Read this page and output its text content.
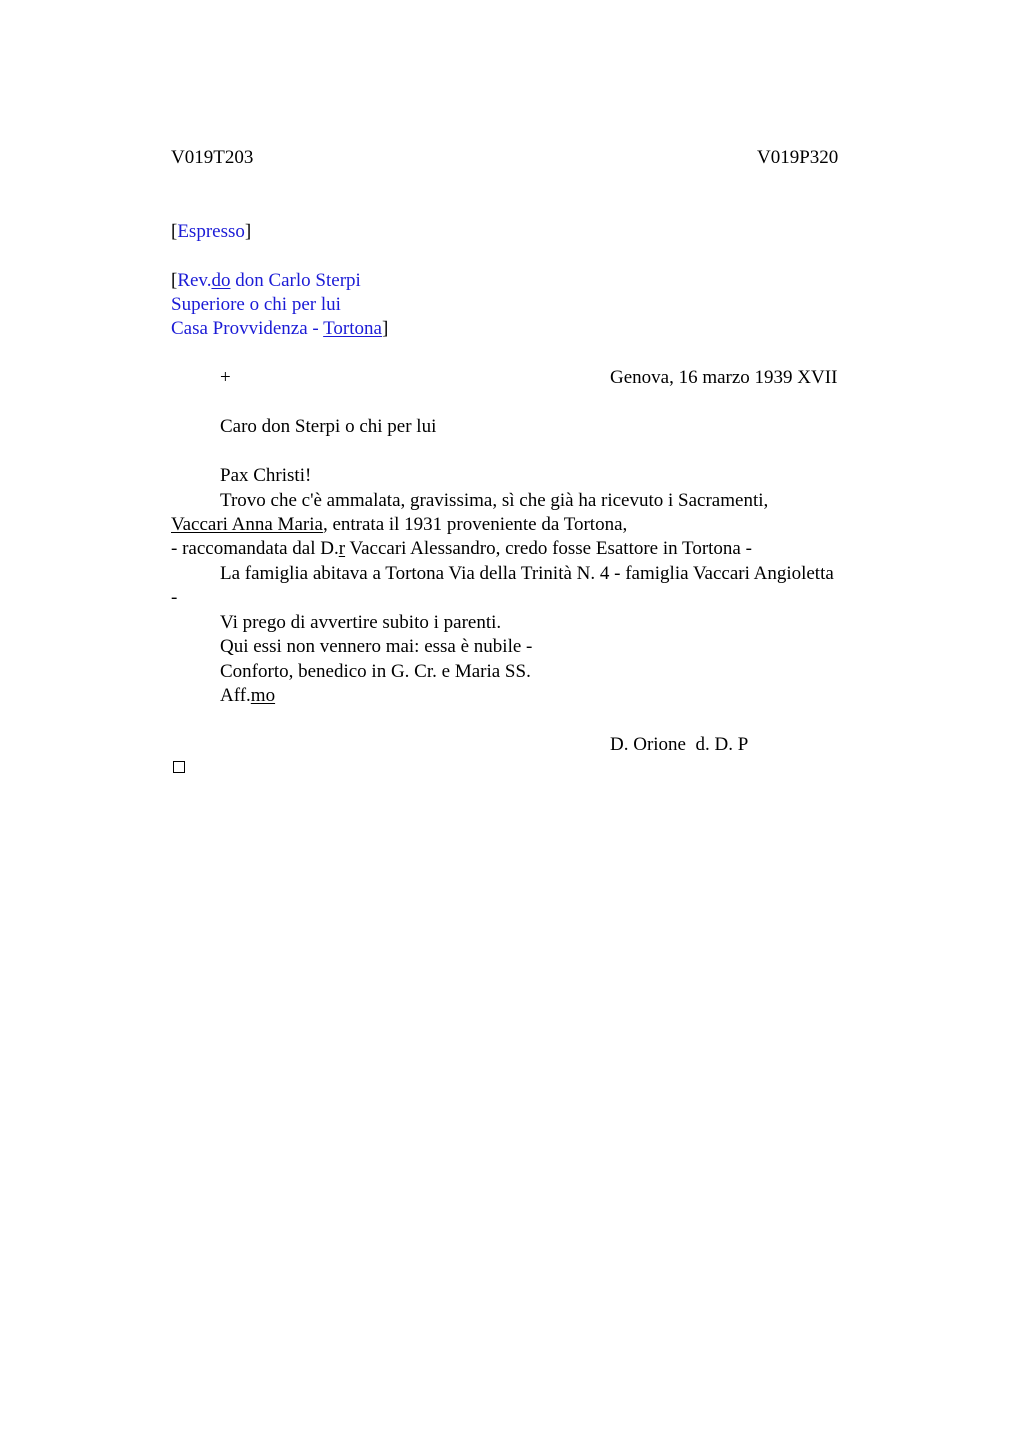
V019T203	V019P320
[Espresso]
[Rev.do don Carlo Sterpi
Superiore o chi per lui
Casa Provvidenza - Tortona]
+	Genova, 16 marzo 1939 XVII
Caro don Sterpi o chi per lui
Pax Christi!
Trovo che c'è ammalata, gravissima, sì che già ha ricevuto i Sacramenti,
Vaccari Anna Maria, entrata il 1931 proveniente da Tortona,
- raccomandata dal D.r Vaccari Alessandro, credo fosse Esattore in Tortona -
La famiglia abitava a Tortona Via della Trinità N. 4 - famiglia Vaccari Angioletta
-
Vi prego di avvertire subito i parenti.
Qui essi non vennero mai: essa è nubile -
Conforto, benedico in G. Cr. e Maria SS.
Aff.mo
D. Orione  d. D. P
